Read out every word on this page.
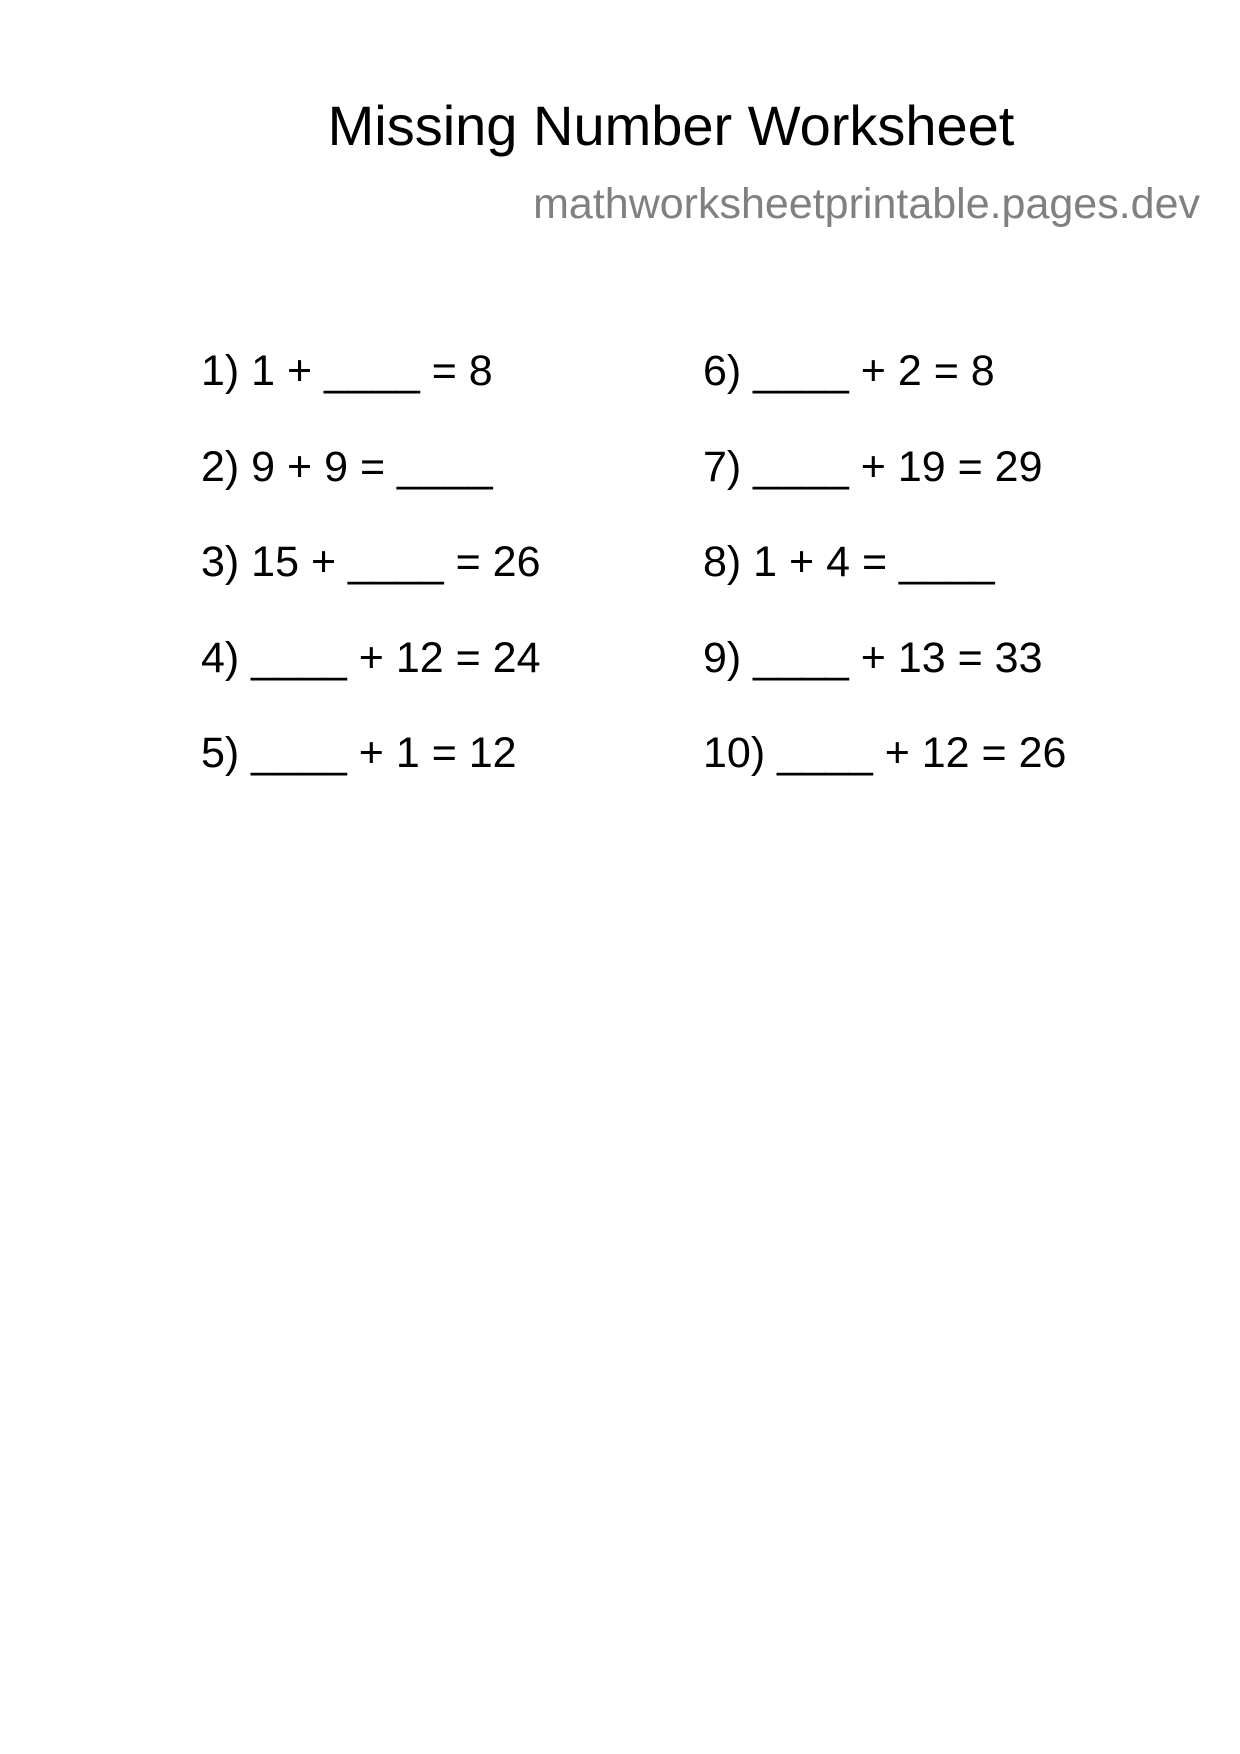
Missing Number Worksheet
mathworksheetprintable.pages.dev
1) 1 + ____ = 8
2) 9 + 9 = ____
3) 15 + ____ = 26
4) ____ + 12 = 24
5) ____ + 1 = 12
6) ____ + 2 = 8
7) ____ + 19 = 29
8) 1 + 4 = ____
9) ____ + 13 = 33
10) ____ + 12 = 26
